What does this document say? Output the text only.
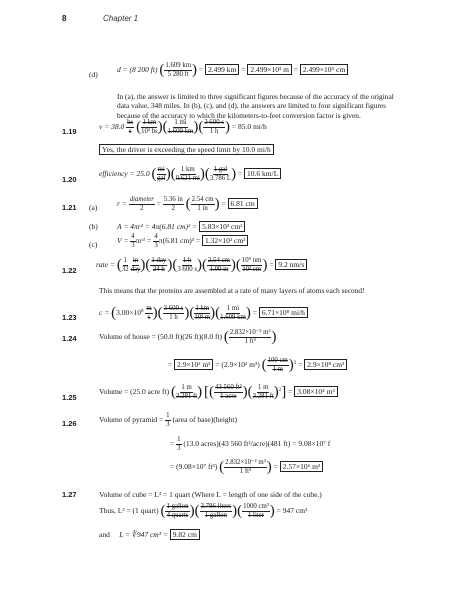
8	Chapter 1
(d)
d = (8 200 ft) ( $\frac{1.609 km}{5 280 ft}$ ) = 2.499 km = 2.499×10³ m = 2.499×10⁵ cm
In (a), the answer is limited to three significant figures because of the accuracy of the original data value, 348 miles. In (b), (c), and (d), the answers are limited to four significant figures because of the accuracy to which the kilometers-to-feet conversion factor is given.
1.19
$v = 38.0 \frac{bs}{s}$ ( $\frac{1 km}{\text{10³ bs}}$ )( $\frac{1 mi}{1.609 km}$ )( $\frac{3 600 s}{1 h}$ ) = 85.0 mi/h
Yes, the driver is exceeding the speed limit by 10.0 mi/h
1.20
efficiency = 25.0 ( $\frac{mi}{\text{gal}}$ )( $\frac{1 km}{0.621 mi}$ )( $\frac{\text{1 gal}}{3.786 L}$ ) = 10.6 km/L
1.21 (a)	$r = \frac{\text{diameter}}{2} = \frac{5.36 in}{2}$ ( $\frac{2.54 cm}{1 in}$ ) = 6.81 cm
(b)	A = 4πr² = 4π(6.81 cm)² = 5.83×10² cm²
(c)	$V = \frac{4}{3} \pi r^3 = \frac{4}{3} \pi(6.81$ cm)³ = 1.32×10³ cm³
1.22
rate = ( $\frac{1}{32}$
$\frac{in}{\text{day}}$ )( $\frac{\text{1 day}}{24 h}$ )( $\frac{1 h}{3 600 s}$ )( $\frac{2.54 cm}{1.00 in}$ )( $\frac{\text{10⁹ nm}}{\text{10² cm}}$ ) = 9.2 nm/s
This means that the proteins are assembled at a rate of many layers of atoms each second!
1.23
$c = (3.00\times 10^8 \frac{m}{s}$ )( $\frac{3 600 s}{1 h}$ )( $\frac{1 km}{\text{10³ m}}$ )( $\frac{1 mi}{1.609 km}$ ) = 6.71×10⁸ mi/h
1.24	Volume of house = (50.0 ft)(26 ft)(8.0 ft) ( $\frac{\text{2.832×10⁻² m³}}{\text{1 ft³}}$ )
= 2.9×10² m³ = (2.9×10² m³) ( $\frac{100 cm}{1 m} )^3 = 2.9\times 10^8$ cm³
1.25
Volume = (25.0 acre ft) ( $\frac{1 m}{3.281 ft}$ ) [( $\frac{\text{43 560 ft²}}{\text{1 acre}}$ )( $\frac{1 m}{3.281 ft} )^2] = 3.08\times 10^4$ m³
1.26	Volume of pyramid = $\frac{1}{3}$ (area of base)(height)
= $\frac{1}{3} (13.0$ acres)(43 560 ft²/acre)(481 ft) = 9.08×10⁷ f
= (9.08×10⁷ ft³) ( $\frac{\text{2.832×10⁻² m³}}{\text{1 ft³}}$ ) = 2.57×10⁶ m³
1.27	Volume of cube = L³ = 1 quart (Where L = length of one side of the cube.)
Thus, L³ = (1 quart) ( $\frac{\text{1 gallon}}{\text{4 quarts}}$ )( $\frac{\text{3.786 liters}}{\text{1 gallon}}$ )( $\frac{\text{1000 cm³}}{\text{1 liter}}$ ) = 947 cm³
and L = ∛947 cm³ = 9.82 cm
